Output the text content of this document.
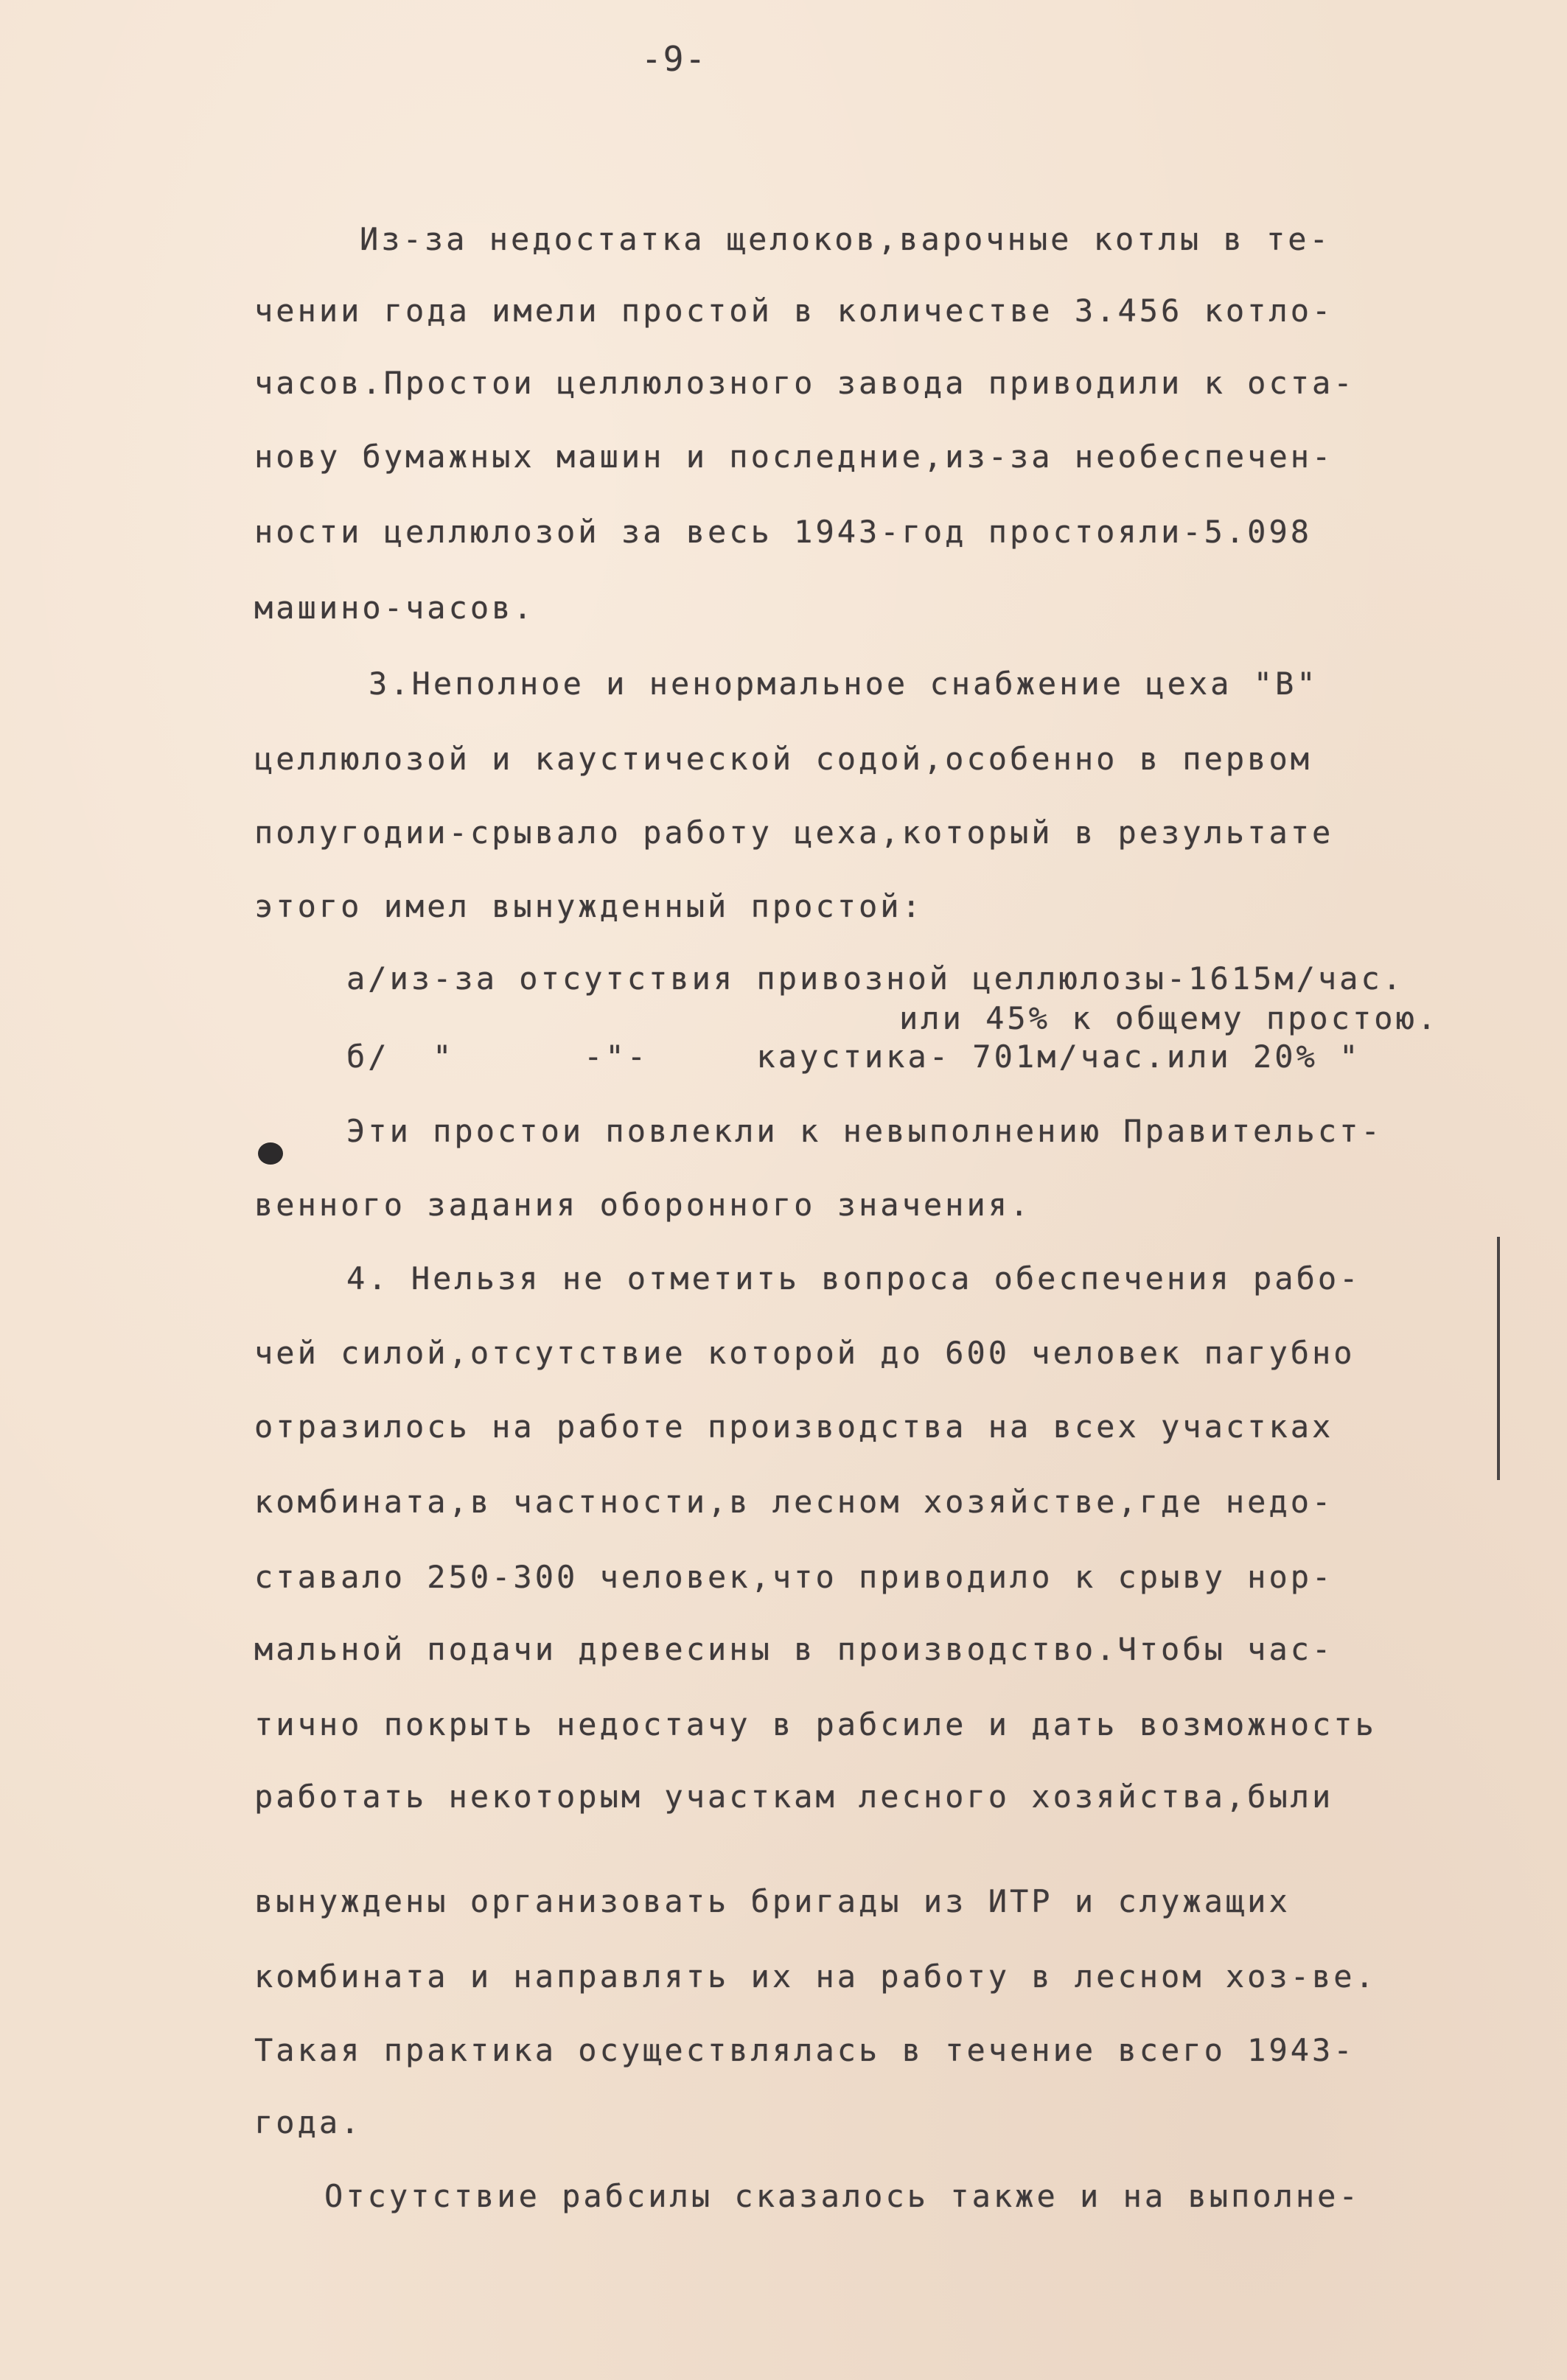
-9-
Из-за недостатка щелоков,варочные котлы в те-
чении года имели простой в количестве 3.456 котло-
часов.Простои целлюлозного завода приводили к оста-
нову бумажных машин и последние,из-за необеспечен-
ности целлюлозой за весь 1943-год простояли-5.098
машино-часов.
3.Неполное и ненормальное снабжение цеха "В"
целлюлозой и каустической содой,особенно в первом
полугодии-срывало работу цеха,который в результате
этого имел вынужденный простой:
а/из-за отсутствия привозной целлюлозы-1615м/час.
или 45% к общему простою.
б/  "      -"-     каустика- 701м/час.или 20% "
Эти простои повлекли к невыполнению Правительст-
венного задания оборонного значения.
4. Нельзя не отметить вопроса обеспечения рабо-
чей силой,отсутствие которой до 600 человек пагубно
отразилось на работе производства на всех участках
комбината,в частности,в лесном хозяйстве,где недо-
ставало 250-300 человек,что приводило к срыву нор-
мальной подачи древесины в производство.Чтобы час-
тично покрыть недостачу в рабсиле и дать возможность
работать некоторым участкам лесного хозяйства,были
вынуждены организовать бригады из ИТР и служащих
комбината и направлять их на работу в лесном хоз-ве.
Такая практика осуществлялась в течение всего 1943-
года.
Отсутствие рабсилы сказалось также и на выполне-
